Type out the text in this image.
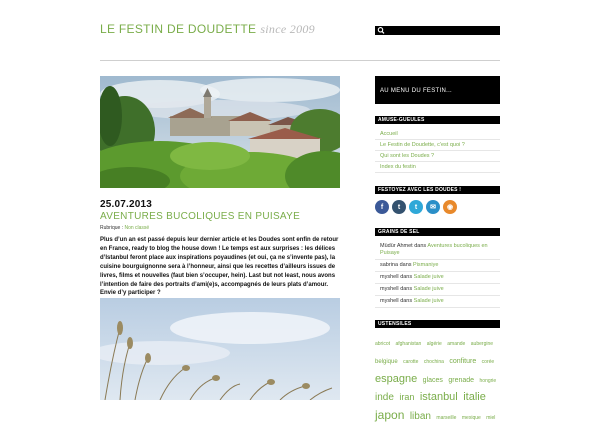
LE FESTIN DE DOUDETTE since 2009
25.07.2013
AVENTURES BUCOLIQUES EN PUISAYE
Rubrique : Non classé
Plus d’un an est passé depuis leur dernier article et les Doudes sont enfin de retour en France, ready to blog the house down ! Le temps est aux surprises : les délices d’Istanbul feront place aux inspirations poyaudines (et oui, ça ne s’invente pas), la cuisine bourguignonne sera à l’honneur, ainsi que les recettes d’ailleurs issues de livres, films et nouvelles (faut bien s’occuper, hein). Last but not least, nous avons l’intention de faire des portraits d’ami(e)s, accompagnés de leurs plats d’amour. Envie d’y participer ?
AU MENU DU FESTIN...
AMUSE-GUEULES
Accueil
Le Festin de Doudette, c'est quoi ?
Qui sont les Doudes ?
Index du festin
FESTOYEZ AVEC LES DOUDES !
f	t	t	✉	◉
GRAINS DE SEL
Müdür Ahmet dans Aventures bucoliques en Puisaye
sabrina dans Pismaniye
myshell dans Salade juive
myshell dans Salade juive
myshell dans Salade juive
USTENSILES
abricot afghanistan algérie amande aubergine belgique carotte chochina confiture corée espagne glaces grenade hongrie inde iran istanbul italie japon liban marseille mexique miel
